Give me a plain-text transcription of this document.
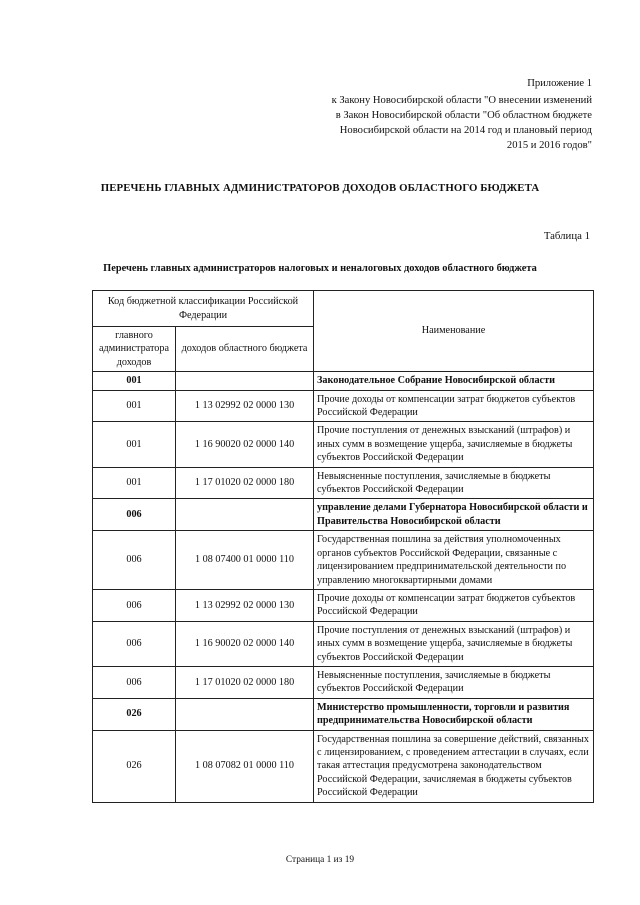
Приложение 1
к Закону Новосибирской области "О внесении изменений
в Закон Новосибирской области "Об областном бюджете
Новосибирской области на 2014 год и плановый период
2015 и 2016 годов"
ПЕРЕЧЕНЬ ГЛАВНЫХ АДМИНИСТРАТОРОВ ДОХОДОВ ОБЛАСТНОГО БЮДЖЕТА
Таблица 1
Перечень главных администраторов налоговых и неналоговых доходов областного бюджета
Код бюджетной классификации Российской Федерации		Наименование
главного администратора доходов	доходов областного бюджета	
001		Законодательное Собрание Новосибирской области
001	1 13 02992 02 0000 130	Прочие доходы от компенсации затрат бюджетов субъектов Российской Федерации
001	1 16 90020 02 0000 140	Прочие поступления от денежных взысканий (штрафов) и иных сумм в возмещение ущерба, зачисляемые в бюджеты субъектов Российской Федерации
001	1 17 01020 02 0000 180	Невыясненные поступления, зачисляемые в бюджеты субъектов Российской Федерации
006		управление делами Губернатора Новосибирской области и Правительства Новосибирской области
006	1 08 07400 01 0000 110	Государственная пошлина за действия уполномоченных органов субъектов Российской Федерации, связанные с лицензированием предпринимательской деятельности по управлению многоквартирными домами
006	1 13 02992 02 0000 130	Прочие доходы от компенсации затрат бюджетов субъектов Российской Федерации
006	1 16 90020 02 0000 140	Прочие поступления от денежных взысканий (штрафов) и иных сумм в возмещение ущерба, зачисляемые в бюджеты субъектов Российской Федерации
006	1 17 01020 02 0000 180	Невыясненные поступления, зачисляемые в бюджеты субъектов Российской Федерации
026		Министерство промышленности, торговли и развития предпринимательства Новосибирской области
026	1 08 07082 01 0000 110	Государственная пошлина за совершение действий, связанных с лицензированием, с проведением аттестации в случаях, если такая аттестация предусмотрена законодательством Российской Федерации, зачисляемая в бюджеты субъектов Российской Федерации
Страница 1 из 19
